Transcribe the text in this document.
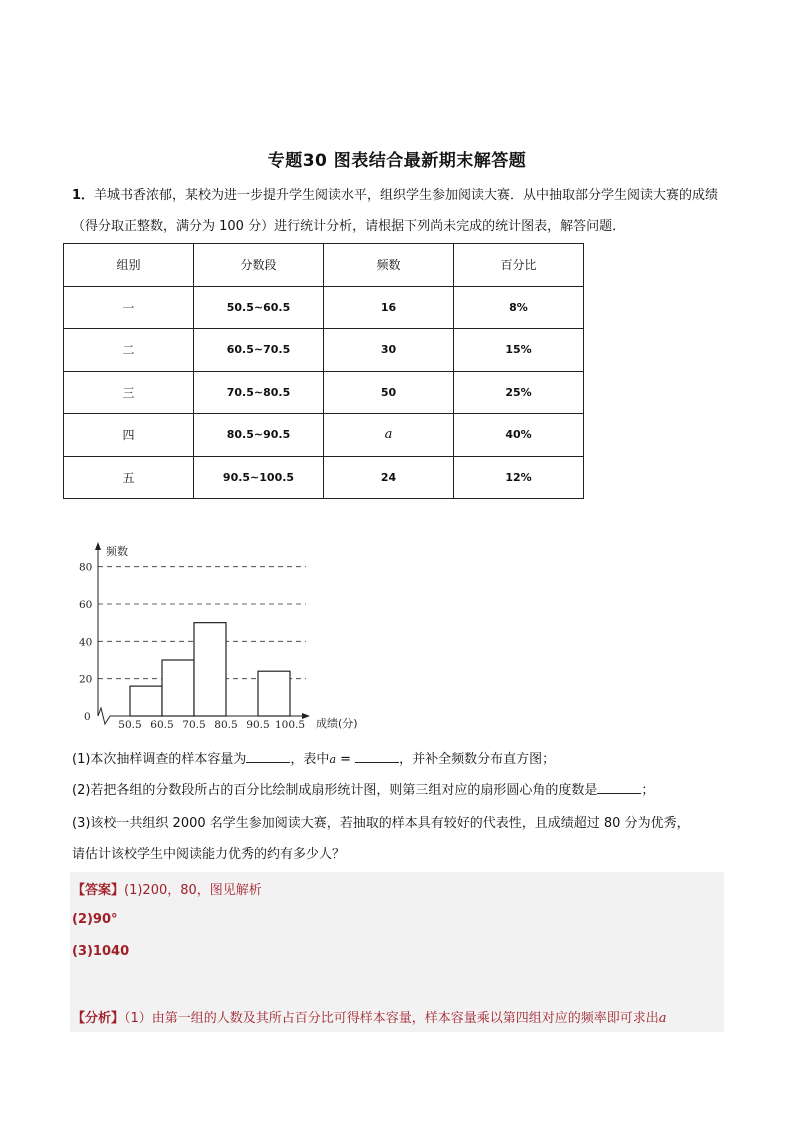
专题30 图表结合最新期末解答题
1．羊城书香浓郁，某校为进一步提升学生阅读水平，组织学生参加阅读大赛．从中抽取部分学生阅读大赛的成绩（得分取正整数，满分为 100 分）进行统计分析，请根据下列尚未完成的统计图表，解答问题．
组别	分数段	频数	百分比
一	50.5~60.5	16	8%
二	60.5~70.5	30	15%
三	70.5~80.5	50	25%
四	80.5~90.5	a	40%
五	90.5~100.5	24	12%
频数
成绩(分)
0
20
40
60
80
50.5 60.5 70.5 80.5 90.5 100.5
(1)本次抽样调查的样本容量为	，表中a =	，并补全频数分布直方图；
(2)若把各组的分数段所占的百分比绘制成扇形统计图，则第三组对应的扇形圆心角的度数是	；
(3)该校一共组织 2000 名学生参加阅读大赛，若抽取的样本具有较好的代表性，且成绩超过 80 分为优秀，
请估计该校学生中阅读能力优秀的约有多少人？
【答案】(1)200，80，图见解析
(2)90°
(3)1040
【分析】（1）由第一组的人数及其所占百分比可得样本容量，样本容量乘以第四组对应的频率即可求出a
